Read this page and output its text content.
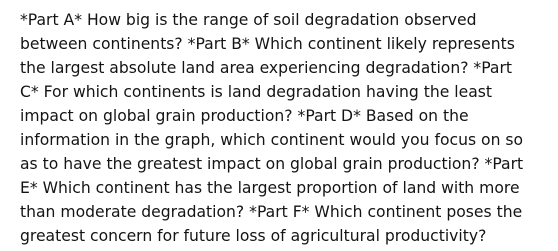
*Part A* How big is the range of soil degradation observed
between continents? *Part B* Which continent likely represents
the largest absolute land area experiencing degradation? *Part
C* For which continents is land degradation having the least
impact on global grain production? *Part D* Based on the
information in the graph, which continent would you focus on so
as to have the greatest impact on global grain production? *Part
E* Which continent has the largest proportion of land with more
than moderate degradation? *Part F* Which continent poses the
greatest concern for future loss of agricultural productivity?
